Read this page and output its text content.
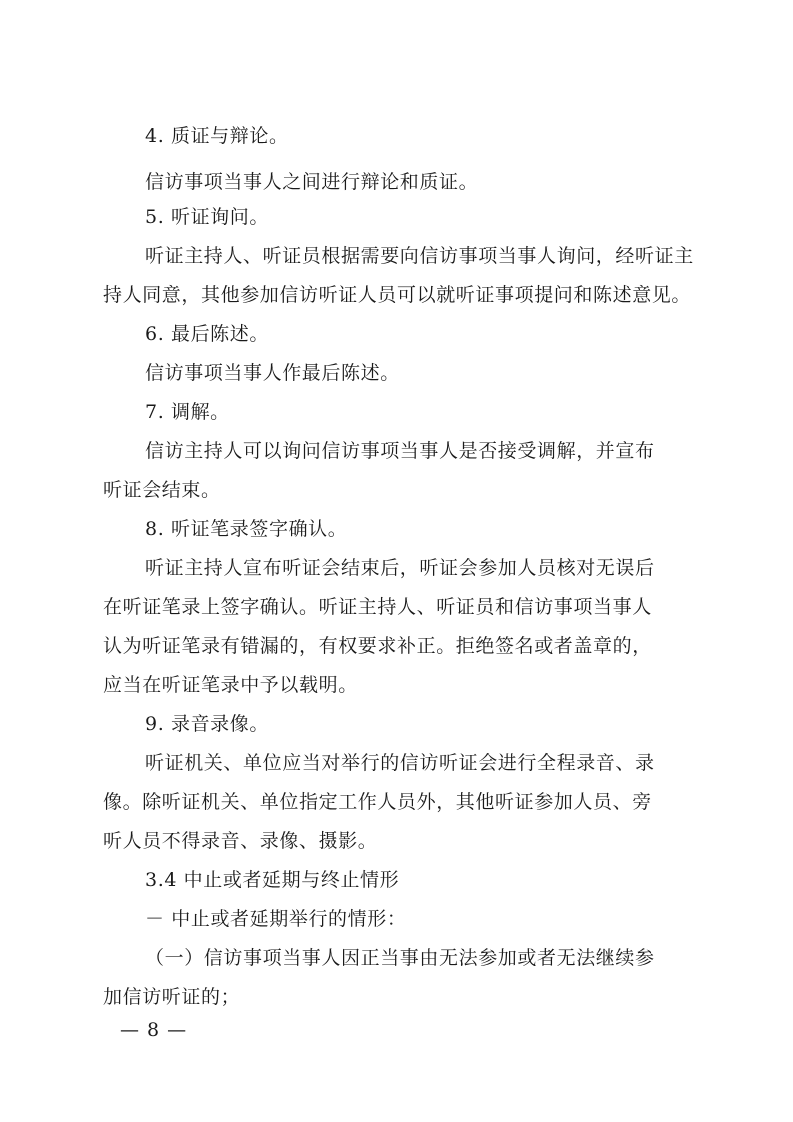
4. 质证与辩论。
信访事项当事人之间进行辩论和质证。
5. 听证询问。
听证主持人、听证员根据需要向信访事项当事人询问，经听证主
持人同意，其他参加信访听证人员可以就听证事项提问和陈述意见。
6. 最后陈述。
信访事项当事人作最后陈述。
7. 调解。
信访主持人可以询问信访事项当事人是否接受调解，并宣布
听证会结束。
8. 听证笔录签字确认。
听证主持人宣布听证会结束后，听证会参加人员核对无误后
在听证笔录上签字确认。听证主持人、听证员和信访事项当事人
认为听证笔录有错漏的，有权要求补正。拒绝签名或者盖章的，
应当在听证笔录中予以载明。
9. 录音录像。
听证机关、单位应当对举行的信访听证会进行全程录音、录
像。除听证机关、单位指定工作人员外，其他听证参加人员、旁
听人员不得录音、录像、摄影。
3.4 中止或者延期与终止情形
－ 中止或者延期举行的情形：
（一）信访事项当事人因正当事由无法参加或者无法继续参
加信访听证的；
— 8 —
